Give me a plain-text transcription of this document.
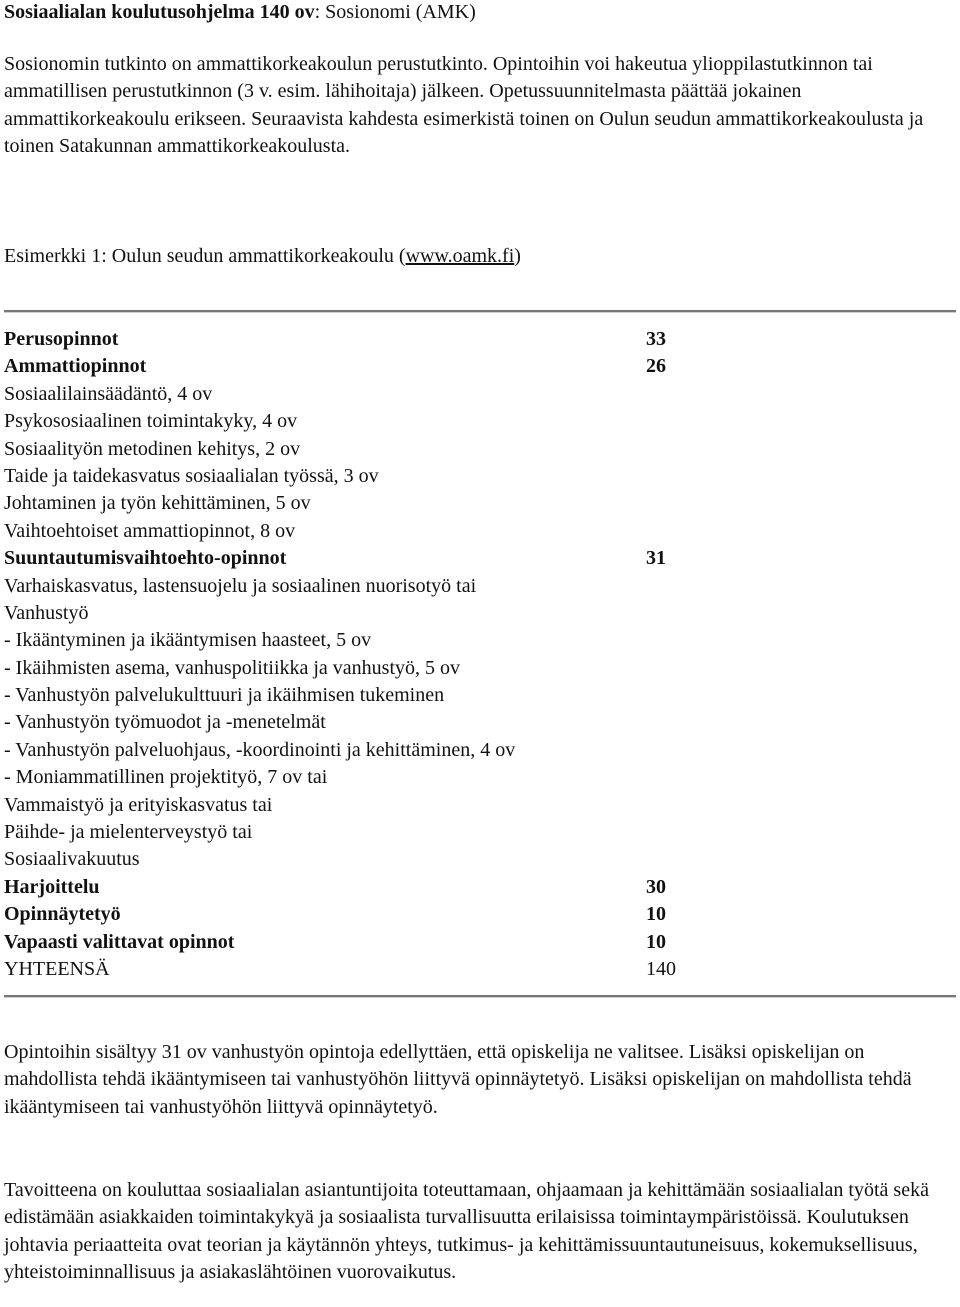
Sosiaalialan koulutusohjelma 140 ov: Sosionomi (AMK)

Sosionomin tutkinto on ammattikorkeakoulun perustutkinto. Opintoihin voi hakeutua ylioppilastutkinnon tai ammatillisen perustutkinnon (3 v. esim. lähihoitaja) jälkeen. Opetussuunnitelmasta päättää jokainen ammattikorkeakoulu erikseen. Seuraavista kahdesta esimerkistä toinen on Oulun seudun ammattikorkeakoulusta ja toinen Satakunnan ammattikorkeakoulusta.

Esimerkki 1: Oulun seudun ammattikorkeakoulu (www.oamk.fi)
Perusopinnot	33
Ammattiopinnot	26
Sosiaalilainsäädäntö, 4 ov
Psykososiaalinen toimintakyky, 4 ov
Sosiaalityön metodinen kehitys, 2 ov
Taide ja taidekasvatus sosiaalialan työssä, 3 ov
Johtaminen ja työn kehittäminen, 5 ov
Vaihtoehtoiset ammattiopinnot, 8 ov
Suuntautumisvaihtoehto-opinnot	31
Varhaiskasvatus, lastensuojelu ja sosiaalinen nuorisotyö tai
Vanhustyö
- Ikääntyminen ja ikääntymisen haasteet, 5 ov
- Ikäihmisten asema, vanhuspolitiikka ja vanhustyö, 5 ov
- Vanhustyön palvelukulttuuri ja ikäihmisen tukeminen
- Vanhustyön työmuodot ja -menetelmät
- Vanhustyön palveluohjaus, -koordinointi ja kehittäminen, 4 ov
- Moniammatillinen projektityö, 7 ov tai
Vammaistyö ja erityiskasvatus tai
Päihde- ja mielenterveystyö tai
Sosiaalivakuutus
Harjoittelu	30
Opinnäytetyö	10
Vapaasti valittavat opinnot	10
YHTEENSÄ	140

Opintoihin sisältyy 31 ov vanhustyön opintoja edellyttäen, että opiskelija ne valitsee. Lisäksi opiskelijan on mahdollista tehdä ikääntymiseen tai vanhustyöhön liittyvä opinnäytetyö. Lisäksi opiskelijan on mahdollista tehdä ikääntymiseen tai vanhustyöhön liittyvä opinnäytetyö.

Tavoitteena on kouluttaa sosiaalialan asiantuntijoita toteuttamaan, ohjaamaan ja kehittämään sosiaalialan työtä sekä edistämään asiakkaiden toimintakykyä ja sosiaalista turvallisuutta erilaisissa toimintaympäristöissä. Koulutuksen johtavia periaatteita ovat teorian ja käytännön yhteys, tutkimus- ja kehittämissuuntautuneisuus, kokemuksellisuus, yhteistoiminnallisuus ja asiakaslähtöinen vuorovaikutus.
